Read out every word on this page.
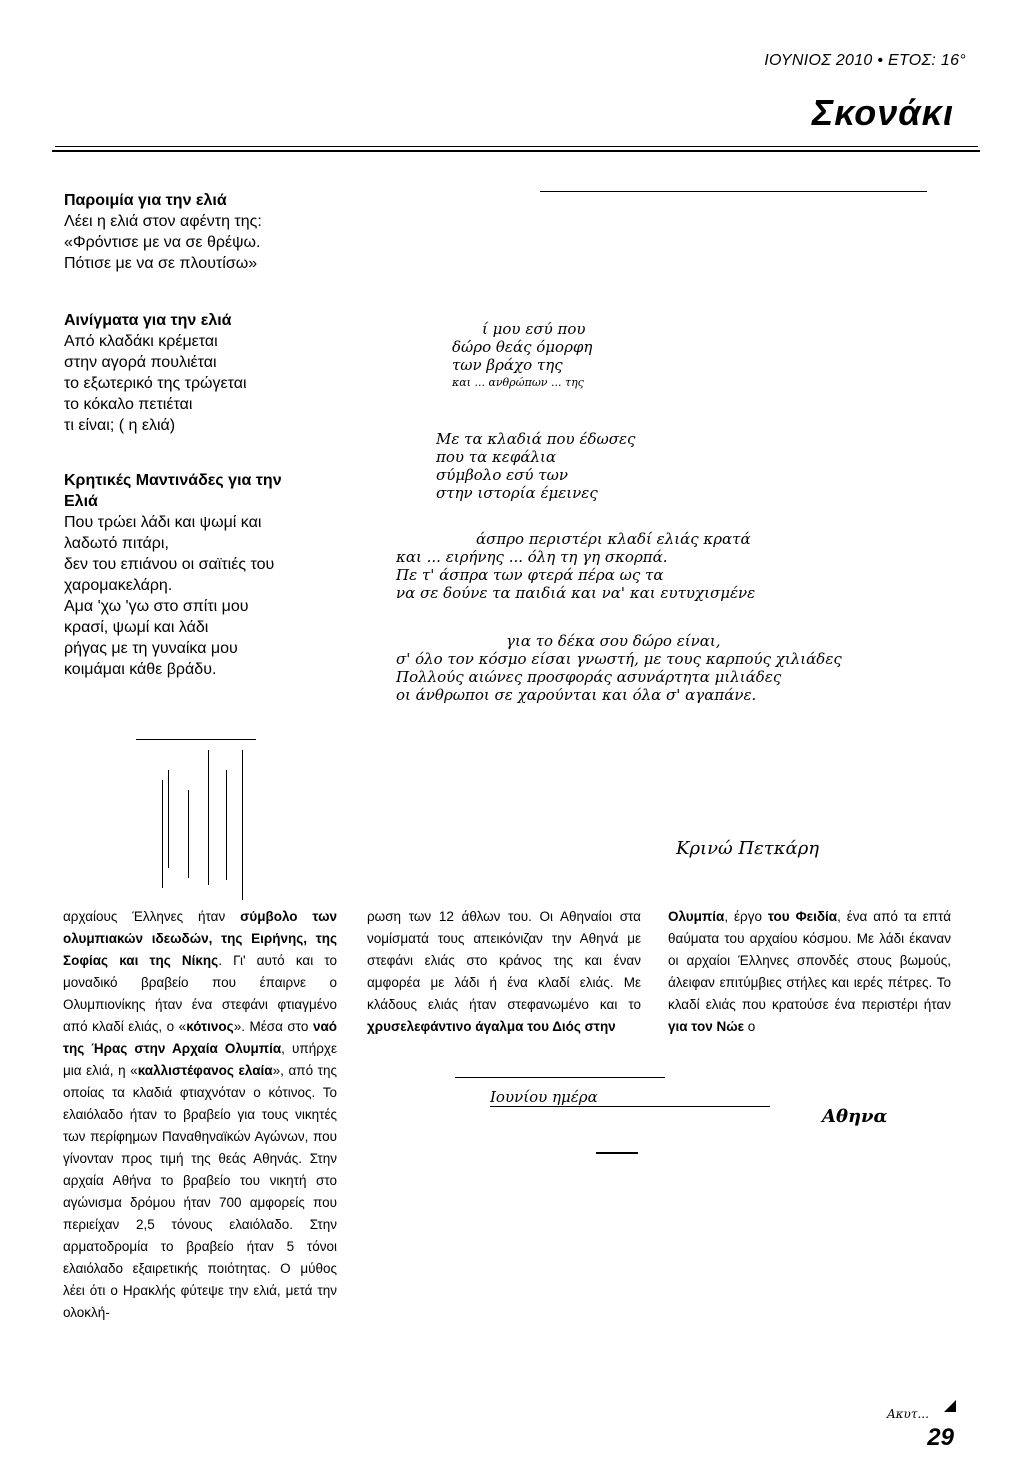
ΙΟΥΝΙΟΣ 2010 • ΕΤΟΣ: 16°
Σκονάκι
Παροιμία για την ελιά

Λέει η ελιά στον αφέντη της:

«Φρόντισε με να σε θρέψω.

Πότισε με να σε πλουτίσω»

Αινίγματα για την ελιά

Από κλαδάκι κρέμεται

στην αγορά πουλιέται

το εξωτερικό της τρώγεται

το κόκαλο πετιέται

τι είναι; ( η ελιά)

Κρητικές Μαντινάδες για την
Ελιά

Που τρώει λάδι και ψωμί και

λαδωτό πιτάρι,

δεν του επιάνου οι σαϊτιές του

χαρομακελάρη.

Αμα 'χω 'γω στο σπίτι μου

κρασί, ψωμί και λάδι

ρήγας με τη γυναίκα μου

κοιμάμαι κάθε βράδυ.

ί μου εσύ που
δώρο θεάς όμορφη
των βράχο της
και ... ανθρώπων ... της
Με τα κλαδιά που έδωσες
που τα κεφάλια
σύμβολο εσύ των
στην ιστορία έμεινες
άσπρο περιστέρι κλαδί ελιάς κρατά
και ... ειρήνης ... όλη τη γη σκορπά.
Πε τ' άσπρα των φτερά πέρα ως τα
να σε δούνε τα παιδιά και να' και ευτυχισμένε
για το δέκα σου δώρο είναι,
σ' όλο τον κόσμο είσαι γνωστή, με τους καρπούς χιλιάδες
Πολλούς αιώνες προσφοράς ασυνάρτητα μιλιάδες
οι άνθρωποι σε χαρούνται και όλα σ' αγαπάνε.
Κρινώ Πετκάρη

αρχαίους Έλληνες ήταν σύμβολο των ολυμπιακών ιδεωδών, της Ειρήνης, της Σοφίας και της Νίκης. Γι' αυτό και το μοναδικό βραβείο που έπαιρνε ο Ολυμπιονίκης ήταν ένα στεφάνι φτιαγμένο από κλαδί ελιάς, ο «κότινος». Μέσα στο ναό της Ήρας στην Αρχαία Ολυμπία, υπήρχε μια ελιά, η «καλλιστέφανος ελαία», από της οποίας τα κλαδιά φτιαχνόταν ο κότινος. Το ελαιόλαδο ήταν το βραβείο για τους νικητές των περίφημων Παναθηναϊκών Αγώνων, που γίνονταν προς τιμή της θεάς Αθηνάς. Στην αρχαία Αθήνα το βραβείο του νικητή στο αγώνισμα δρόμου ήταν 700 αμφορείς που περιείχαν 2,5 τόνους ελαιόλαδο. Στην αρματοδρομία το βραβείο ήταν 5 τόνοι ελαιόλαδο εξαιρετικής ποιότητας. Ο μύθος λέει ότι ο Ηρακλής φύτεψε την ελιά, μετά την ολοκλή-

ρωση των 12 άθλων του. Οι Αθηναίοι στα νομίσματά τους απεικόνιζαν την Αθηνά με στεφάνι ελιάς στο κράνος της και έναν αμφορέα με λάδι ή ένα κλαδί ελιάς. Με κλάδους ελιάς ήταν στεφανωμένο και το χρυσελεφάντινο άγαλμα του Διός στην

Ολυμπία, έργο του Φειδία, ένα από τα επτά θαύματα του αρχαίου κόσμου. Με λάδι έκαναν οι αρχαίοι Έλληνες σπονδές στους βωμούς, άλειφαν επιτύμβιες στήλες και ιερές πέτρες. Το κλαδί ελιάς που κρατούσε ένα περιστέρι ήταν για τον Νώε ο

Ιουνίου ημέρα
Αθηνα
Ακυτ...
29
